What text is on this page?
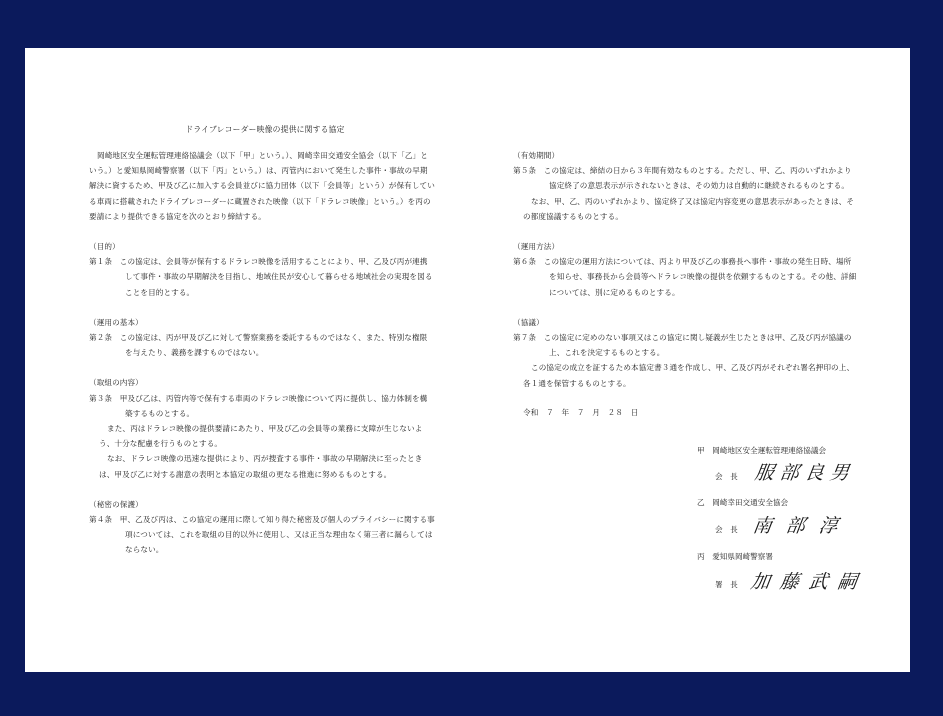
ドライブレコーダー映像の提供に関する協定

岡崎地区安全運転管理連絡協議会（以下「甲」という。）、岡崎幸田交通安全協会（以下「乙」という。）と愛知県岡崎警察署（以下「丙」という。）は、丙管内において発生した事件・事故の早期解決に資するため、甲及び乙に加入する会員並びに協力団体（以下「会員等」という）が保有している車両に搭載されたドライブレコーダーに蔵置された映像（以下「ドラレコ映像」という。）を丙の要請により提供できる協定を次のとおり締結する。

（目的）

第１条　この協定は、会員等が保有するドラレコ映像を活用することにより、甲、乙及び丙が連携して事件・事故の早期解決を目指し、地域住民が安心して暮らせる地域社会の実現を図ることを目的とする。

（運用の基本）

第２条　この協定は、丙が甲及び乙に対して警察業務を委託するものではなく、また、特別な権限を与えたり、義務を課すものではない。

（取組の内容）

第３条　甲及び乙は、丙管内等で保有する車両のドラレコ映像について丙に提供し、協力体制を構築するものとする。

また、丙はドラレコ映像の提供要請にあたり、甲及び乙の会員等の業務に支障が生じないよう、十分な配慮を行うものとする。

なお、ドラレコ映像の迅速な提供により、丙が捜査する事件・事故の早期解決に至ったときは、甲及び乙に対する謝意の表明と本協定の取組の更なる推進に努めるものとする。

（秘密の保護）

第４条　甲、乙及び丙は、この協定の運用に際して知り得た秘密及び個人のプライバシーに関する事項については、これを取組の目的以外に使用し、又は正当な理由なく第三者に漏らしてはならない。

（有効期間）

第５条　この協定は、締結の日から３年間有効なものとする。ただし、甲、乙、丙のいずれかより協定終了の意思表示が示されないときは、その効力は自動的に継続されるものとする。

なお、甲、乙、丙のいずれかより、協定終了又は協定内容変更の意思表示があったときは、その都度協議するものとする。

（運用方法）

第６条　この協定の運用方法については、丙より甲及び乙の事務長へ事件・事故の発生日時、場所を知らせ、事務長から会員等へドラレコ映像の提供を依頼するものとする。その他、詳細については、別に定めるものとする。

（協議）

第７条　この協定に定めのない事項又はこの協定に関し疑義が生じたときは甲、乙及び丙が協議の上、これを決定するものとする。

この協定の成立を証するため本協定書３通を作成し、甲、乙及び丙がそれぞれ署名押印の上、各１通を保管するものとする。

令和　７　年　７　月　２８　日

甲　 岡崎地区安全運転管理連絡協議会
会　長 服部良男
乙　 岡崎幸田交通安全協会
会　長 南部淳
丙　 愛知県岡崎警察署
署　長 加藤武嗣
